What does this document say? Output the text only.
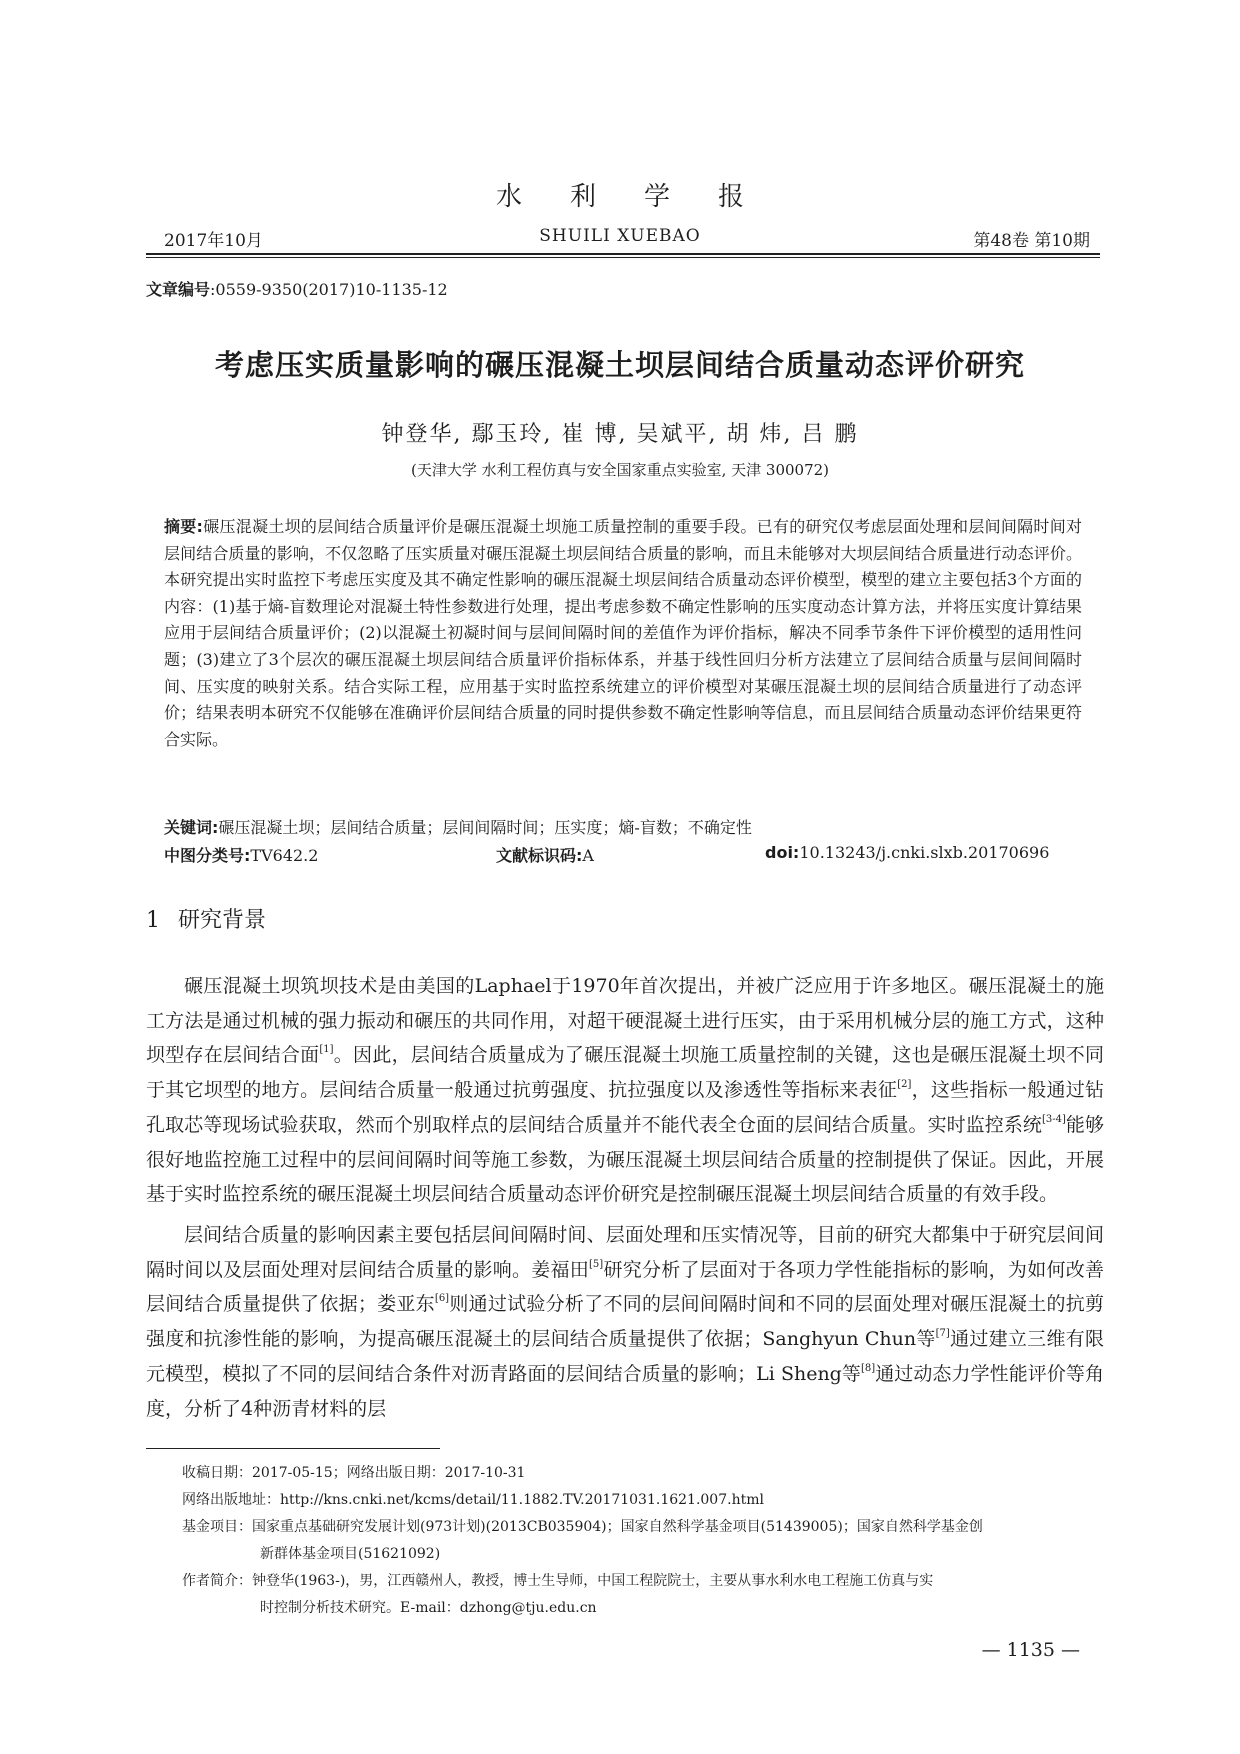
水利学报
2017年10月	SHUILI XUEBAO	第48卷 第10期
文章编号:0559-9350(2017)10-1135-12
考虑压实质量影响的碾压混凝土坝层间结合质量动态评价研究
钟登华, 鄢玉玲, 崔 博, 吴斌平, 胡 炜, 吕 鹏
(天津大学 水利工程仿真与安全国家重点实验室, 天津 300072)
摘要:碾压混凝土坝的层间结合质量评价是碾压混凝土坝施工质量控制的重要手段。已有的研究仅考虑层面处理和层间间隔时间对层间结合质量的影响，不仅忽略了压实质量对碾压混凝土坝层间结合质量的影响，而且未能够对大坝层间结合质量进行动态评价。本研究提出实时监控下考虑压实度及其不确定性影响的碾压混凝土坝层间结合质量动态评价模型，模型的建立主要包括3个方面的内容：(1)基于熵-盲数理论对混凝土特性参数进行处理，提出考虑参数不确定性影响的压实度动态计算方法，并将压实度计算结果应用于层间结合质量评价；(2)以混凝土初凝时间与层间间隔时间的差值作为评价指标，解决不同季节条件下评价模型的适用性问题；(3)建立了3个层次的碾压混凝土坝层间结合质量评价指标体系，并基于线性回归分析方法建立了层间结合质量与层间间隔时间、压实度的映射关系。结合实际工程，应用基于实时监控系统建立的评价模型对某碾压混凝土坝的层间结合质量进行了动态评价；结果表明本研究不仅能够在准确评价层间结合质量的同时提供参数不确定性影响等信息，而且层间结合质量动态评价结果更符合实际。
关键词:碾压混凝土坝；层间结合质量；层间间隔时间；压实度；熵-盲数；不确定性
中图分类号:TV642.2	文献标识码:A	doi:10.13243/j.cnki.slxb.20170696
1 研究背景
碾压混凝土坝筑坝技术是由美国的Laphael于1970年首次提出，并被广泛应用于许多地区。碾压混凝土的施工方法是通过机械的强力振动和碾压的共同作用，对超干硬混凝土进行压实，由于采用机械分层的施工方式，这种坝型存在层间结合面[1]。因此，层间结合质量成为了碾压混凝土坝施工质量控制的关键，这也是碾压混凝土坝不同于其它坝型的地方。层间结合质量一般通过抗剪强度、抗拉强度以及渗透性等指标来表征[2]，这些指标一般通过钻孔取芯等现场试验获取，然而个别取样点的层间结合质量并不能代表全仓面的层间结合质量。实时监控系统[3-4]能够很好地监控施工过程中的层间间隔时间等施工参数，为碾压混凝土坝层间结合质量的控制提供了保证。因此，开展基于实时监控系统的碾压混凝土坝层间结合质量动态评价研究是控制碾压混凝土坝层间结合质量的有效手段。
层间结合质量的影响因素主要包括层间间隔时间、层面处理和压实情况等，目前的研究大都集中于研究层间间隔时间以及层面处理对层间结合质量的影响。姜福田[5]研究分析了层面对于各项力学性能指标的影响，为如何改善层间结合质量提供了依据；娄亚东[6]则通过试验分析了不同的层间间隔时间和不同的层面处理对碾压混凝土的抗剪强度和抗渗性能的影响，为提高碾压混凝土的层间结合质量提供了依据；Sanghyun Chun等[7]通过建立三维有限元模型，模拟了不同的层间结合条件对沥青路面的层间结合质量的影响；Li Sheng等[8]通过动态力学性能评价等角度，分析了4种沥青材料的层
收稿日期：2017-05-15；网络出版日期：2017-10-31
网络出版地址：http://kns.cnki.net/kcms/detail/11.1882.TV.20171031.1621.007.html
基金项目：国家重点基础研究发展计划(973计划)(2013CB035904)；国家自然科学基金项目(51439005)；国家自然科学基金创
新群体基金项目(51621092)
作者简介：钟登华(1963-)，男，江西赣州人，教授，博士生导师，中国工程院院士，主要从事水利水电工程施工仿真与实
时控制分析技术研究。E-mail：dzhong@tju.edu.cn
— 1135 —
